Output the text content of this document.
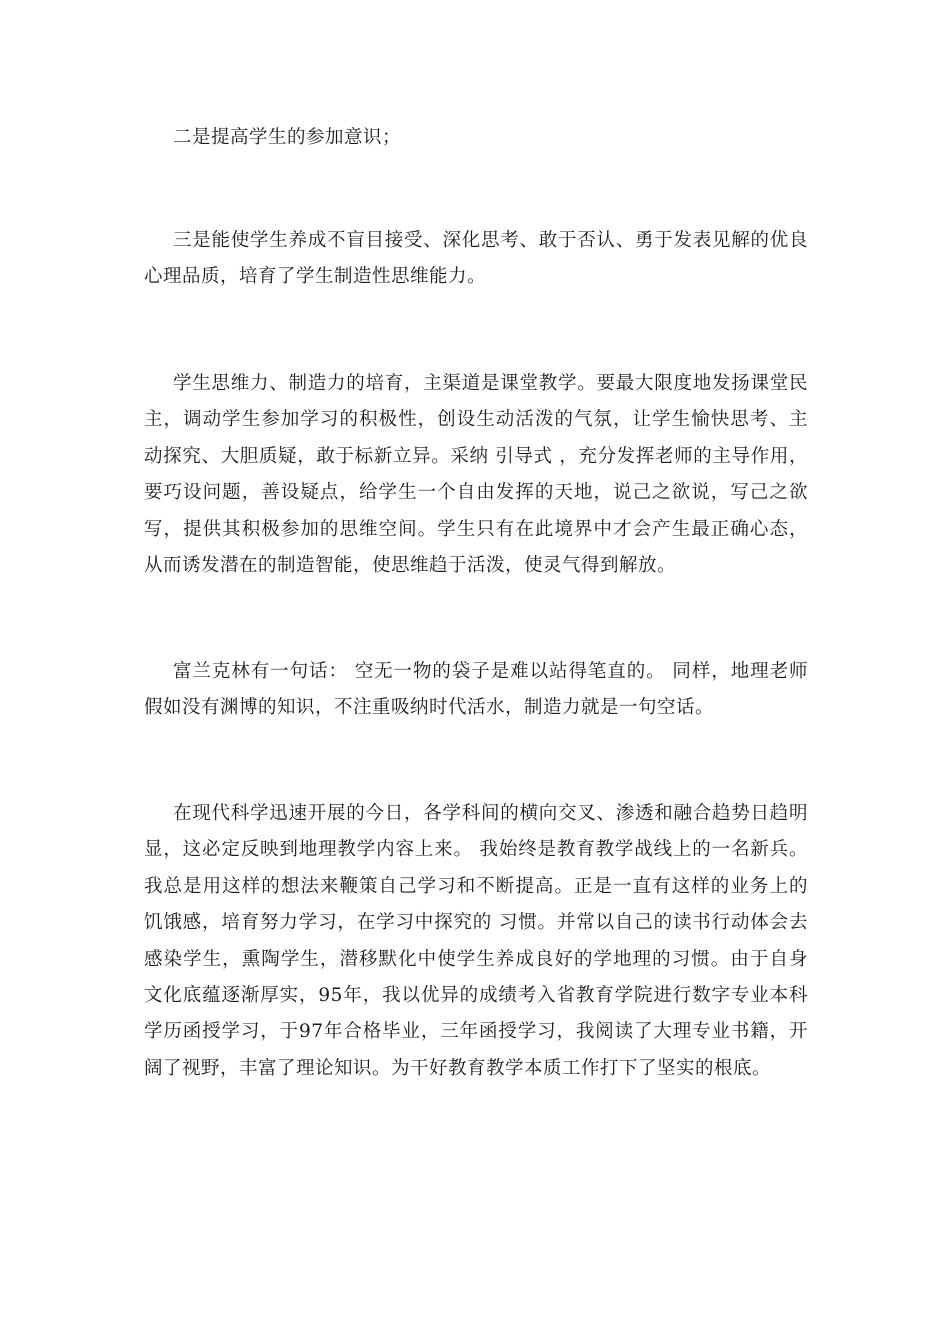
二是提高学生的参加意识；

三是能使学生养成不盲目接受、深化思考、敢于否认、勇于发表见解的优良心理品质，培育了学生制造性思维能力。

学生思维力、制造力的培育，主渠道是课堂教学。要最大限度地发扬课堂民主，调动学生参加学习的积极性，创设生动活泼的气氛，让学生愉快思考、主动探究、大胆质疑，敢于标新立异。采纳 引导式 ，充分发挥老师的主导作用，要巧设问题，善设疑点，给学生一个自由发挥的天地，说己之欲说，写己之欲写，提供其积极参加的思维空间。学生只有在此境界中才会产生最正确心态，从而诱发潜在的制造智能，使思维趋于活泼，使灵气得到解放。

富兰克林有一句话： 空无一物的袋子是难以站得笔直的。 同样，地理老师假如没有渊博的知识，不注重吸纳时代活水，制造力就是一句空话。

在现代科学迅速开展的今日，各学科间的横向交叉、渗透和融合趋势日趋明显，这必定反映到地理教学内容上来。 我始终是教育教学战线上的一名新兵。我总是用这样的想法来鞭策自己学习和不断提高。正是一直有这样的业务上的饥饿感，培育努力学习，在学习中探究的 习惯。并常以自己的读书行动体会去感染学生，熏陶学生，潜移默化中使学生养成良好的学地理的习惯。由于自身文化底蕴逐渐厚实，95年，我以优异的成绩考入省教育学院进行数字专业本科学历函授学习，于97年合格毕业，三年函授学习，我阅读了大理专业书籍，开阔了视野，丰富了理论知识。为干好教育教学本质工作打下了坚实的根底。
